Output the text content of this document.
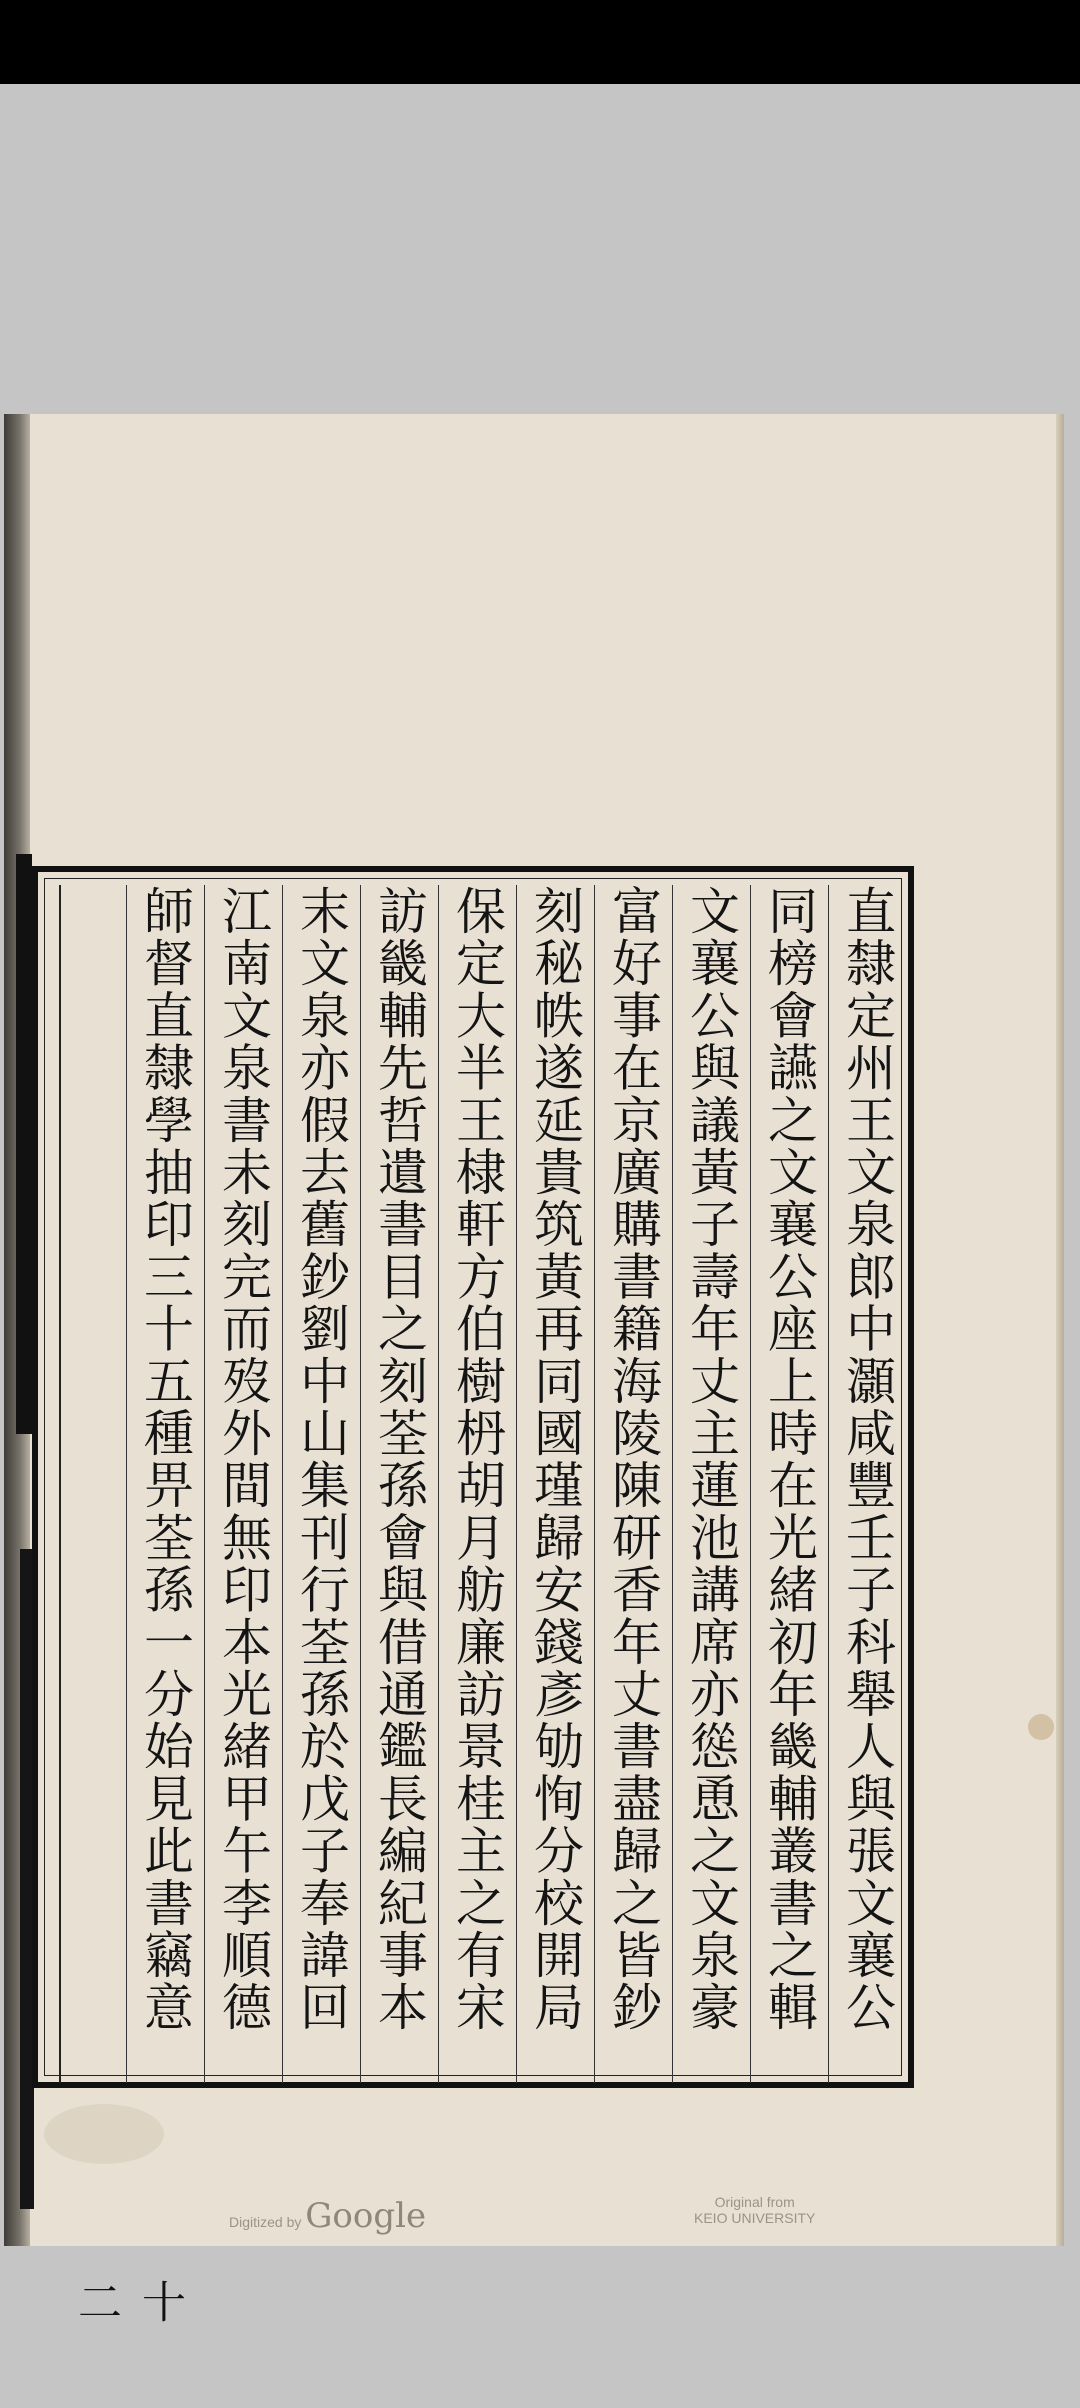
直隸定州王文泉郎中灝咸豐壬子科舉人與張文襄公
同榜會讌之文襄公座上時在光緒初年畿輔叢書之輯
文襄公與議黃子壽年丈主蓮池講席亦慫恿之文泉豪
富好事在京廣購書籍海陵陳研香年丈書盡歸之皆鈔
刻秘帙遂延貴筑黃再同國瑾歸安錢彥劬恂分校開局
保定大半王棣軒方伯樹枬胡月舫廉訪景桂主之有宋
訪畿輔先哲遺書目之刻荃孫會與借通鑑長編紀事本
末文泉亦假去舊鈔劉中山集刊行荃孫於戊子奉諱回
江南文泉書未刻完而歿外間無印本光緒甲午李順德
師督直隸學抽印三十五種畀荃孫一分始見此書竊意
十二
Digitized by Google	Original from
KEIO UNIVERSITY
